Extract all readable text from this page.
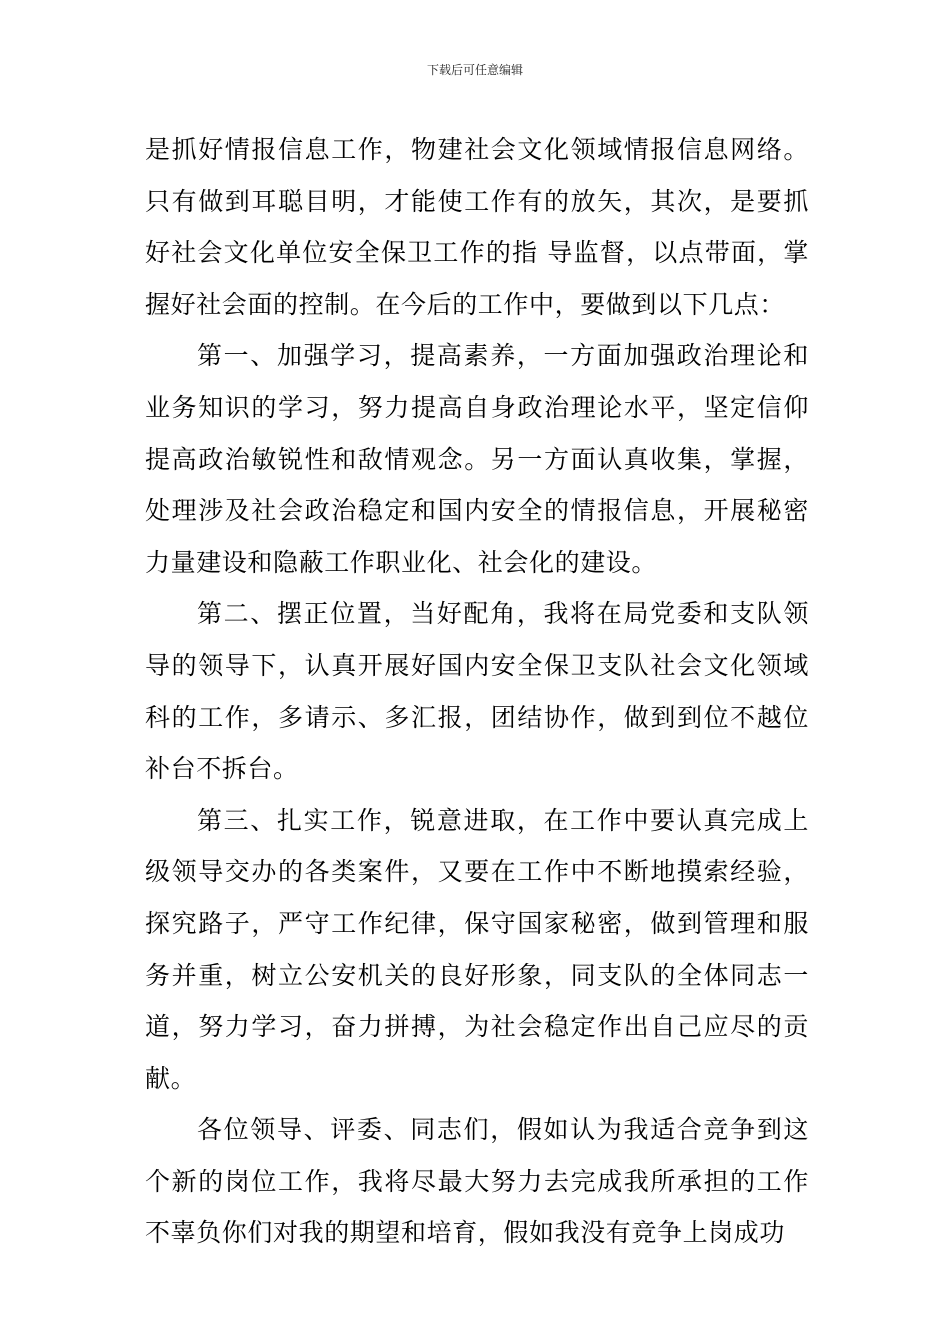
下载后可任意编辑

是抓好情报信息工作，物建社会文化领域情报信息网络。只有做到耳聪目明，才能使工作有的放矢，其次，是要抓好社会文化单位安全保卫工作的指 导监督，以点带面，掌握好社会面的控制。在今后的工作中，要做到以下几点：

第一、加强学习，提高素养，一方面加强政治理论和业务知识的学习，努力提高自身政治理论水平，坚定信仰提高政治敏锐性和敌情观念。另一方面认真收集，掌握，处理涉及社会政治稳定和国内安全的情报信息，开展秘密力量建设和隐蔽工作职业化、社会化的建设。

第二、摆正位置，当好配角，我将在局党委和支队领导的领导下，认真开展好国内安全保卫支队社会文化领域科的工作，多请示、多汇报，团结协作，做到到位不越位补台不拆台。

第三、扎实工作，锐意进取，在工作中要认真完成上级领导交办的各类案件，又要在工作中不断地摸索经验，探究路子，严守工作纪律，保守国家秘密，做到管理和服务并重，树立公安机关的良好形象，同支队的全体同志一道，努力学习，奋力拼搏，为社会稳定作出自己应尽的贡献。

各位领导、评委、同志们，假如认为我适合竞争到这个新的岗位工作，我将尽最大努力去完成我所承担的工作不辜负你们对我的期望和培育，假如我没有竞争上岗成功
